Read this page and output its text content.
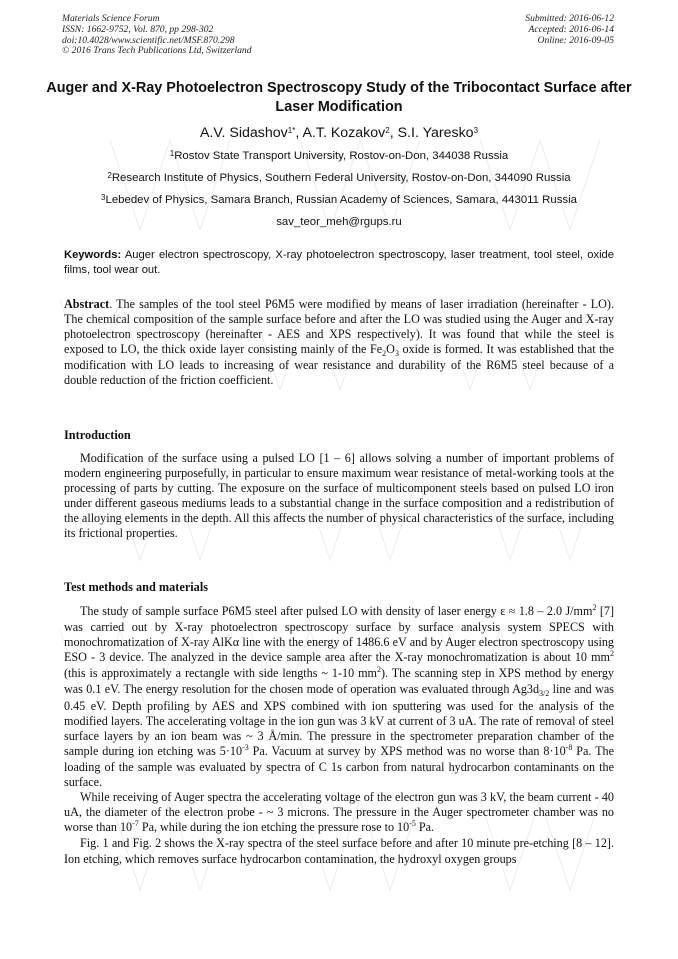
Materials Science Forum
ISSN: 1662-9752, Vol. 870, pp 298-302
doi:10.4028/www.scientific.net/MSF.870.298
© 2016 Trans Tech Publications Ltd, Switzerland
Submitted: 2016-06-12
Accepted: 2016-06-14
Online: 2016-09-05
Auger and X-Ray Photoelectron Spectroscopy Study of the Tribocontact Surface after Laser Modification
A.V. Sidashov$^{1*}$, A.T. Kozakov$^2$, S.I. Yaresko$^3$
$^1$Rostov State Transport University, Rostov-on-Don, 344038 Russia
$^2$Research Institute of Physics, Southern Federal University, Rostov-on-Don, 344090 Russia
$^3$Lebedev of Physics, Samara Branch, Russian Academy of Sciences, Samara, 443011 Russia
sav_teor_meh@rgups.ru
Keywords: Auger electron spectroscopy, X-ray photoelectron spectroscopy, laser treatment, tool steel, oxide films, tool wear out.

Abstract. The samples of the tool steel P6M5 were modified by means of laser irradiation (hereinafter - LO). The chemical composition of the sample surface before and after the LO was studied using the Auger and X-ray photoelectron spectroscopy (hereinafter - AES and XPS respectively). It was found that while the steel is exposed to LO, the thick oxide layer consisting mainly of the $Fe_2O_3$ oxide is formed. It was established that the modification with LO leads to increasing of wear resistance and durability of the R6M5 steel because of a double reduction of the friction coefficient.

Introduction

Modification of the surface using a pulsed LO [1 – 6] allows solving a number of important problems of modern engineering purposefully, in particular to ensure maximum wear resistance of metal-working tools at the processing of parts by cutting. The exposure on the surface of multicomponent steels based on pulsed LO iron under different gaseous mediums leads to a substantial change in the surface composition and a redistribution of the alloying elements in the depth. All this affects the number of physical characteristics of the surface, including its frictional properties.

Test methods and materials

The study of sample surface P6M5 steel after pulsed LO with density of laser energy ε ≈ 1.8 – 2.0 $J/mm^2$ [7] was carried out by X-ray photoelectron spectroscopy surface by surface analysis system SPECS with monochromatization of X-ray AlKα line with the energy of 1486.6 eV and by Auger electron spectroscopy using ESO - 3 device. The analyzed in the device sample area after the X-ray monochromatization is about 10 $mm^2$ (this is approximately a rectangle with side lengths ~ 1-10 $mm^2$). The scanning step in XPS method by energy was 0.1 eV. The energy resolution for the chosen mode of operation was evaluated through $Ag3d_{3/2}$ line and was 0.45 eV. Depth profiling by AES and XPS combined with ion sputtering was used for the analysis of the modified layers. The accelerating voltage in the ion gun was 3 kV at current of 3 uA. The rate of removal of steel surface layers by an ion beam was ~ 3 Å/min. The pressure in the spectrometer preparation chamber of the sample during ion etching was $5\cdot 10^{-3}$ Pa. Vacuum at survey by XPS method was no worse than $8\cdot 10^{-8}$ Pa. The loading of the sample was evaluated by spectra of C 1s carbon from natural hydrocarbon contaminants on the surface.

While receiving of Auger spectra the accelerating voltage of the electron gun was 3 kV, the beam current - 40 uA, the diameter of the electron probe - ~ 3 microns. The pressure in the Auger spectrometer chamber was no worse than $10^{-7}$ Pa, while during the ion etching the pressure rose to $10^{-5}$ Pa.

Fig. 1 and Fig. 2 shows the X-ray spectra of the steel surface before and after 10 minute pre-etching [8 – 12]. Ion etching, which removes surface hydrocarbon contamination, the hydroxyl oxygen groups
